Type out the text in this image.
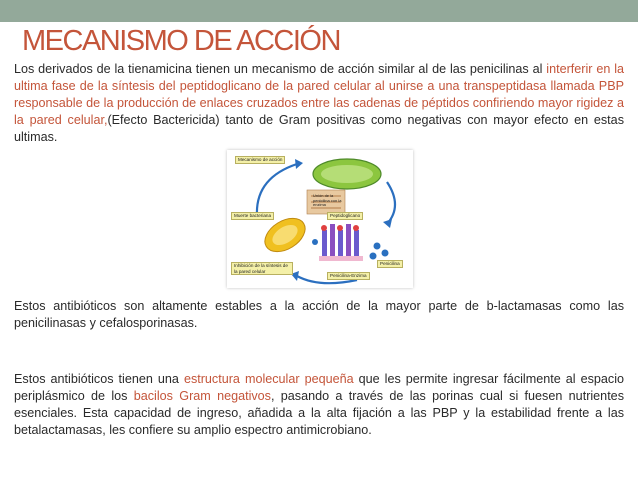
MECANISMO DE ACCIÓN

Los derivados de la tienamicina tienen un mecanismo de acción similar al de las penicilinas al interferir en la ultima fase de la síntesis del peptidoglicano de la pared celular al unirse a una transpeptidasa llamada PBP responsable de la producción de enlaces cruzados entre las cadenas de péptidos confiriendo mayor rigidez a la pared celular,(Efecto Bactericida) tanto de Gram positivas como negativas con mayor efecto en estas ultimas.

Mecanismo de acción
Unión de la penicilina con la enzima
Peptidoglicano
Muerte bacteriana
Inhibición de la síntesis de la pared celular
Penicilina
Penicilina-Enzima

Estos antibióticos son altamente estables a la acción de la mayor parte de b-lactamasas como las penicilinasas y cefalosporinasas.

Estos antibióticos tienen una estructura molecular pequeña que les permite ingresar fácilmente al espacio periplásmico de los bacilos Gram negativos, pasando a través de las porinas cual si fuesen nutrientes esenciales. Esta capacidad de ingreso, añadida a la alta fijación a las PBP y la estabilidad frente a las betalactamasas, les confiere su amplio espectro antimicrobiano.
